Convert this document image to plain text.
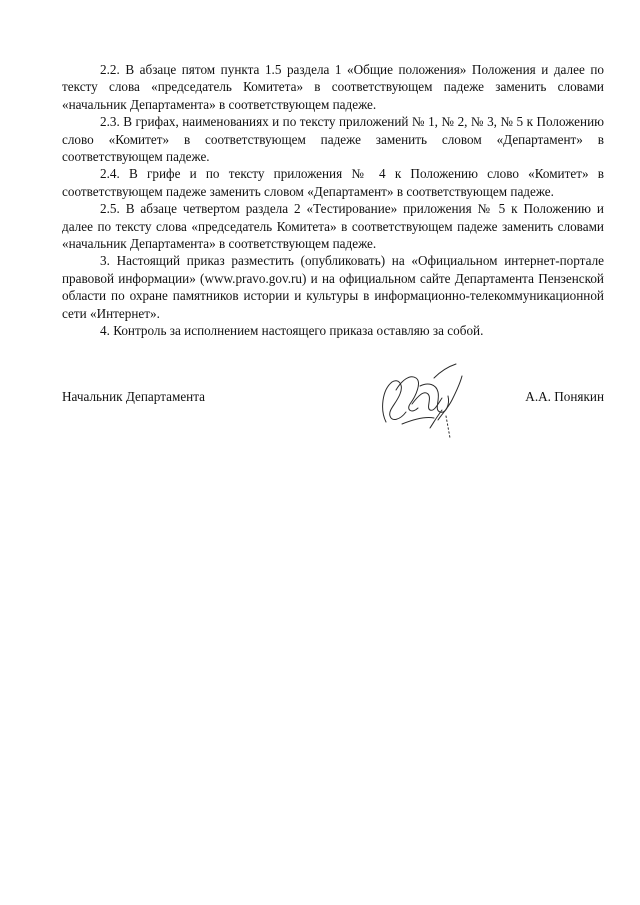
2.2. В абзаце пятом пункта 1.5 раздела 1 «Общие положения» Положения и далее по тексту слова «председатель Комитета» в соответствующем падеже заменить словами «начальник Департамента» в соответствующем падеже.

2.3. В грифах, наименованиях и по тексту приложений № 1, № 2, № 3, № 5 к Положению слово «Комитет» в соответствующем падеже заменить словом «Департамент» в соответствующем падеже.

2.4. В грифе и по тексту приложения № 4 к Положению слово «Комитет» в соответствующем падеже заменить словом «Департамент» в соответствующем падеже.

2.5. В абзаце четвертом раздела 2 «Тестирование» приложения № 5 к Положению и далее по тексту слова «председатель Комитета» в соответствующем падеже заменить словами «начальник Департамента» в соответствующем падеже.

3. Настоящий приказ разместить (опубликовать) на «Официальном интернет-портале правовой информации» (www.pravo.gov.ru) и на официальном сайте Департамента Пензенской области по охране памятников истории и культуры в информационно-телекоммуникационной сети «Интернет».

4. Контроль за исполнением настоящего приказа оставляю за собой.

Начальник Департамента	А.А. Понякин
